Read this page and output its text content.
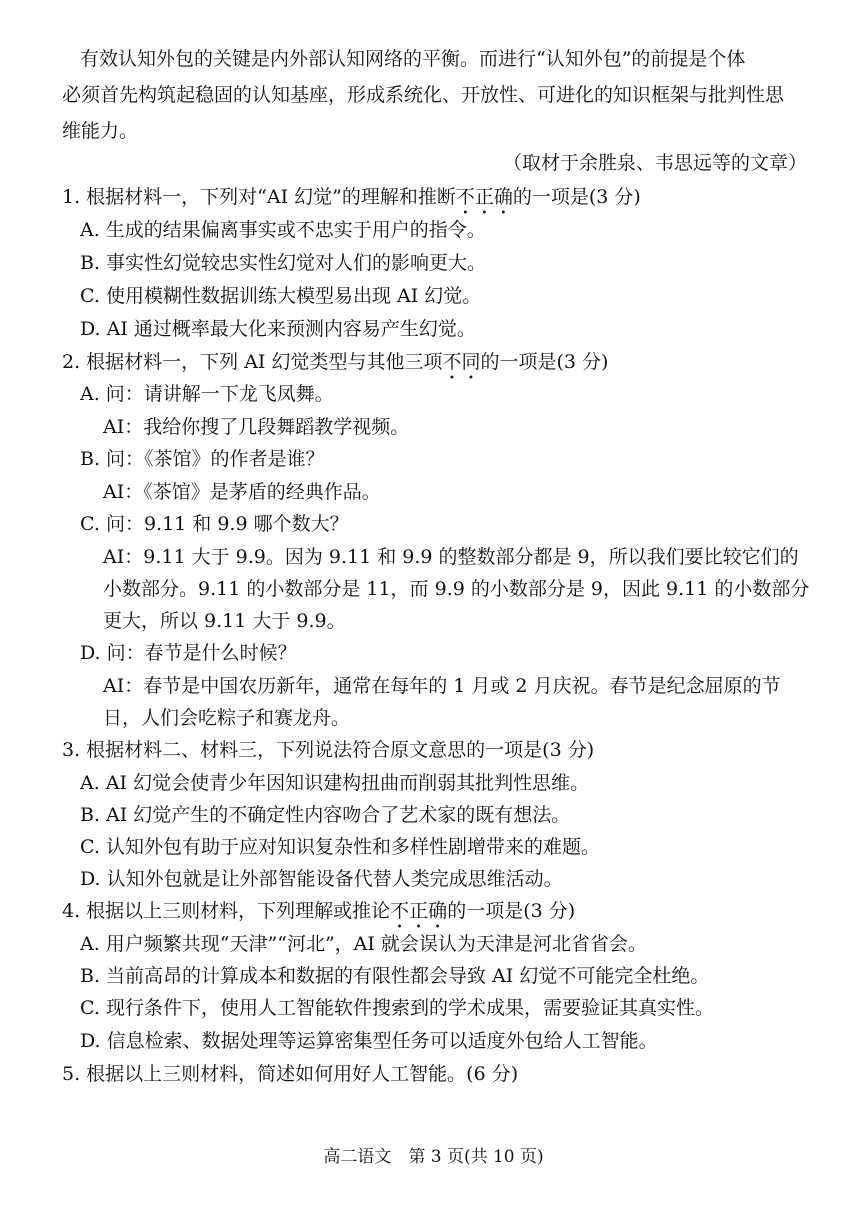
有效认知外包的关键是内外部认知网络的平衡。而进行“认知外包”的前提是个体
必须首先构筑起稳固的认知基座，形成系统化、开放性、可进化的知识框架与批判性思
维能力。
（取材于余胜泉、韦思远等的文章）
1. 根据材料一，下列对“AI 幻觉”的理解和推断不正确的一项是(3 分)
A. 生成的结果偏离事实或不忠实于用户的指令。
B. 事实性幻觉较忠实性幻觉对人们的影响更大。
C. 使用模糊性数据训练大模型易出现 AI 幻觉。
D. AI 通过概率最大化来预测内容易产生幻觉。
2. 根据材料一，下列 AI 幻觉类型与其他三项不同的一项是(3 分)
A. 问：请讲解一下龙飞凤舞。
AI：我给你搜了几段舞蹈教学视频。
B. 问：《茶馆》的作者是谁？
AI：《茶馆》是茅盾的经典作品。
C. 问：9.11 和 9.9 哪个数大？
AI：9.11 大于 9.9。因为 9.11 和 9.9 的整数部分都是 9，所以我们要比较它们的
小数部分。9.11 的小数部分是 11，而 9.9 的小数部分是 9，因此 9.11 的小数部分
更大，所以 9.11 大于 9.9。
D. 问：春节是什么时候？
AI：春节是中国农历新年，通常在每年的 1 月或 2 月庆祝。春节是纪念屈原的节
日，人们会吃粽子和赛龙舟。
3. 根据材料二、材料三，下列说法符合原文意思的一项是(3 分)
A. AI 幻觉会使青少年因知识建构扭曲而削弱其批判性思维。
B. AI 幻觉产生的不确定性内容吻合了艺术家的既有想法。
C. 认知外包有助于应对知识复杂性和多样性剧增带来的难题。
D. 认知外包就是让外部智能设备代替人类完成思维活动。
4. 根据以上三则材料，下列理解或推论不正确的一项是(3 分)
A. 用户频繁共现“天津”“河北”，AI 就会误认为天津是河北省省会。
B. 当前高昂的计算成本和数据的有限性都会导致 AI 幻觉不可能完全杜绝。
C. 现行条件下，使用人工智能软件搜索到的学术成果，需要验证其真实性。
D. 信息检索、数据处理等运算密集型任务可以适度外包给人工智能。
5. 根据以上三则材料，简述如何用好人工智能。(6 分)
高二语文　第 3 页(共 10 页)
